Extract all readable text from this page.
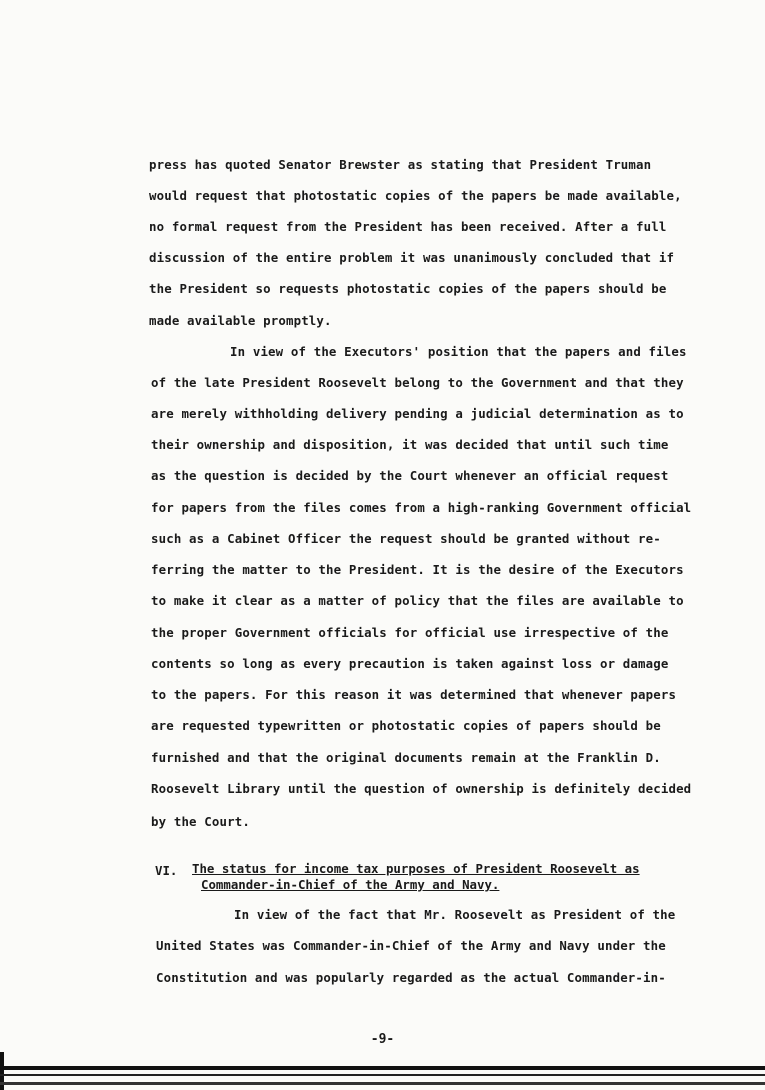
press has quoted Senator Brewster as stating that President Truman
would request that photostatic copies of the papers be made available,
no formal request from the President has been received. After a full
discussion of the entire problem it was unanimously concluded that if
the President so requests photostatic copies of the papers should be
made available promptly.
In view of the Executors' position that the papers and files
of the late President Roosevelt belong to the Government and that they
are merely withholding delivery pending a judicial determination as to
their ownership and disposition, it was decided that until such time
as the question is decided by the Court whenever an official request
for papers from the files comes from a high-ranking Government official
such as a Cabinet Officer the request should be granted without re-
ferring the matter to the President. It is the desire of the Executors
to make it clear as a matter of policy that the files are available to
the proper Government officials for official use irrespective of the
contents so long as every precaution is taken against loss or damage
to the papers. For this reason it was determined that whenever papers
are requested typewritten or photostatic copies of papers should be
furnished and that the original documents remain at the Franklin D.
Roosevelt Library until the question of ownership is definitely decided
by the Court.
VI. The status for income tax purposes of President Roosevelt as
Commander-in-Chief of the Army and Navy.
In view of the fact that Mr. Roosevelt as President of the
United States was Commander-in-Chief of the Army and Navy under the
Constitution and was popularly regarded as the actual Commander-in-
-9-
